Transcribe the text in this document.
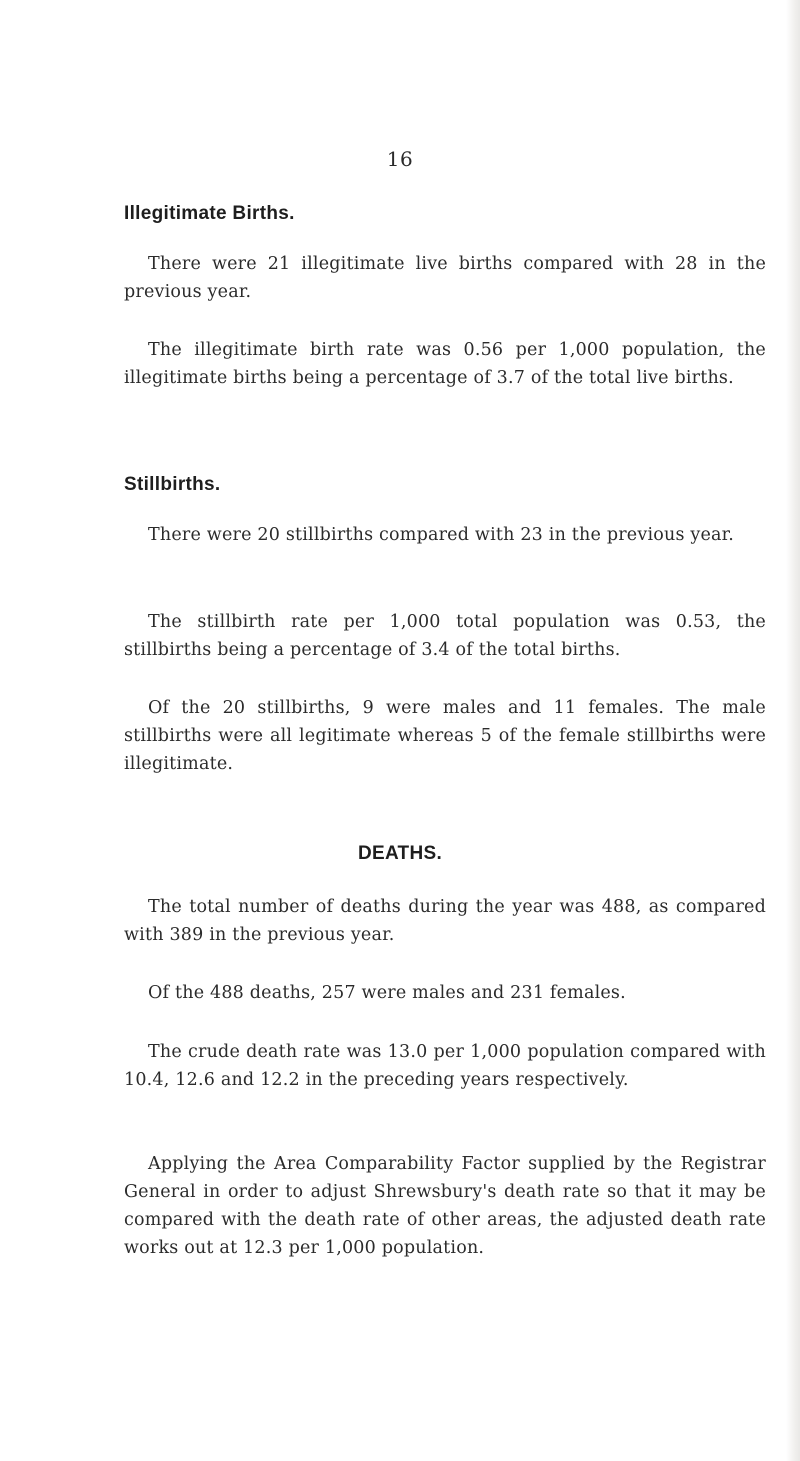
16
Illegitimate Births.

There were 21 illegitimate live births compared with 28 in the previous year.

The illegitimate birth rate was 0.56 per 1,000 population, the illegitimate births being a percentage of 3.7 of the total live births.

Stillbirths.

There were 20 stillbirths compared with 23 in the previous year.

The stillbirth rate per 1,000 total population was 0.53, the stillbirths being a percentage of 3.4 of the total births.

Of the 20 stillbirths, 9 were males and 11 females. The male stillbirths were all legitimate whereas 5 of the female stillbirths were illegitimate.

DEATHS.

The total number of deaths during the year was 488, as compared with 389 in the previous year.

Of the 488 deaths, 257 were males and 231 females.

The crude death rate was 13.0 per 1,000 population compared with 10.4, 12.6 and 12.2 in the preceding years respectively.

Applying the Area Comparability Factor supplied by the Registrar General in order to adjust Shrewsbury's death rate so that it may be compared with the death rate of other areas, the adjusted death rate works out at 12.3 per 1,000 population.
